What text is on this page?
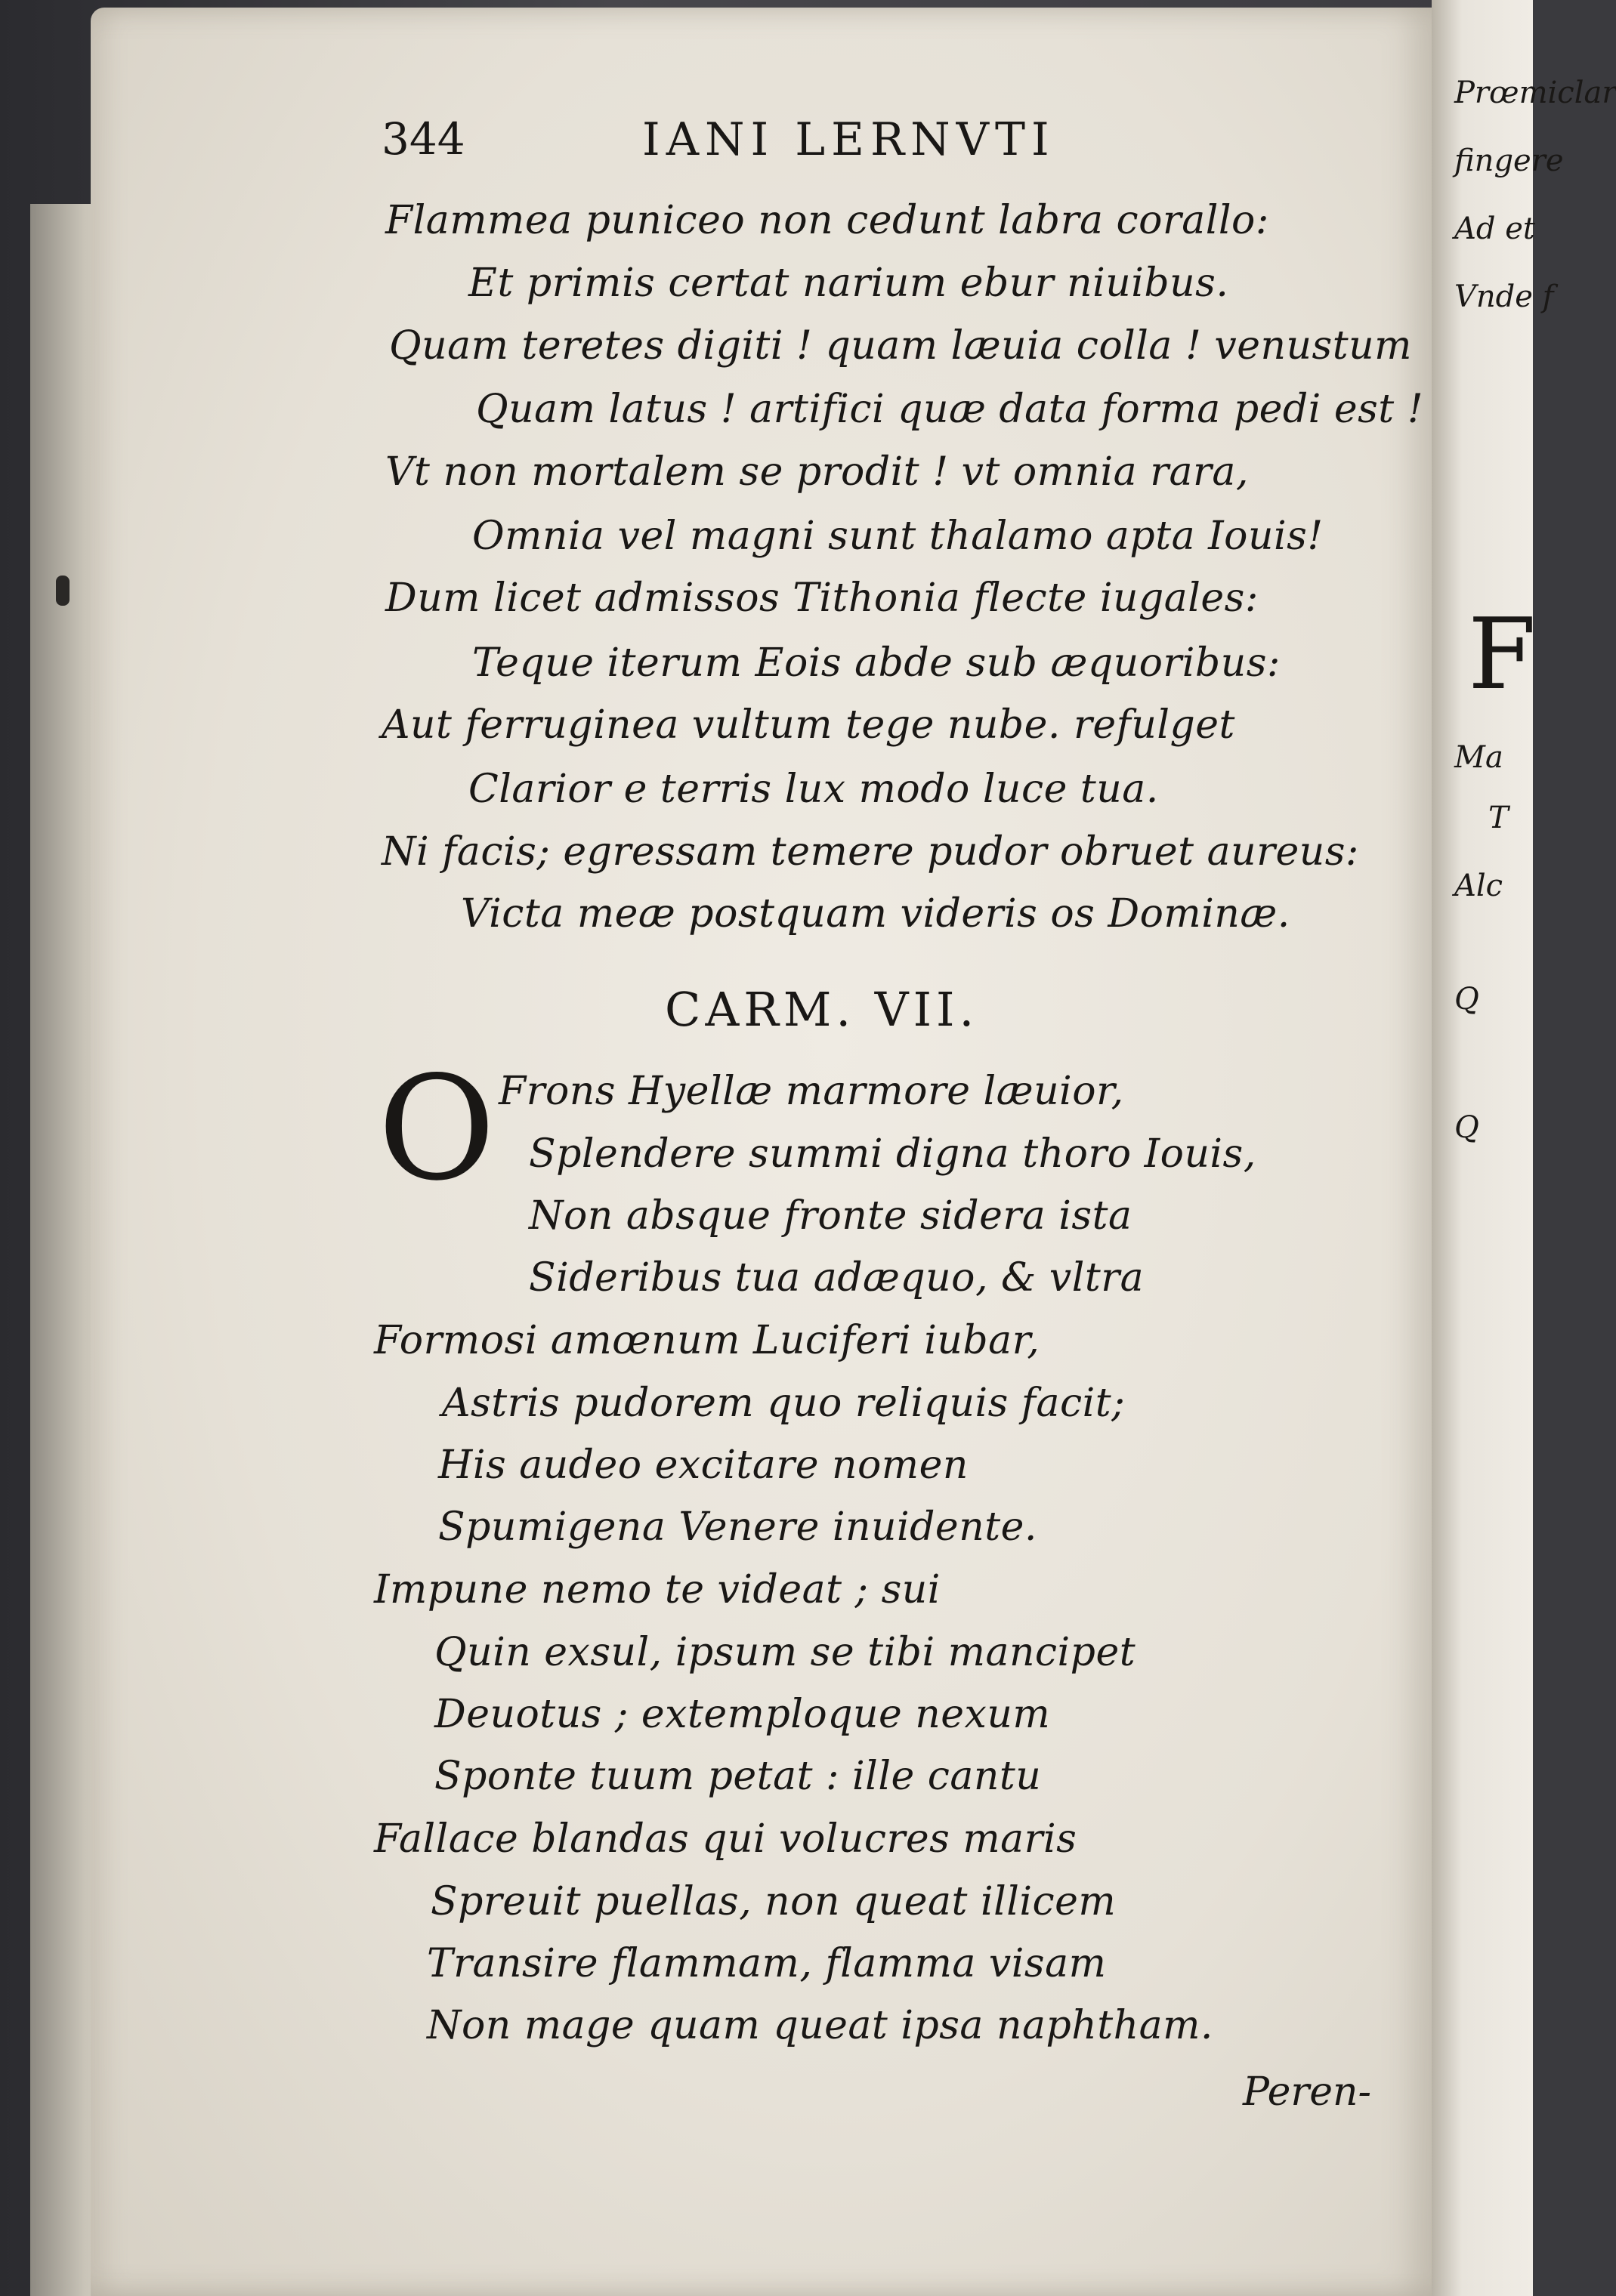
344	IANI LERNVTI
Flammea puniceo non cedunt labra corallo:
Et primis certat narium ebur niuibus.
Quam teretes digiti ! quam læuia colla ! venustum
Quam latus ! artifici quæ data forma pedi est !
Vt non mortalem se prodit ! vt omnia rara,
Omnia vel magni sunt thalamo apta Iouis!
Dum licet admissos Tithonia flecte iugales:
Teque iterum Eois abde sub æquoribus:
Aut ferruginea vultum tege nube. refulget
Clarior e terris lux modo luce tua.
Ni facis; egressam temere pudor obruet aureus:
Victa meæ postquam videris os Dominæ.
CARM. VII.
O Frons Hyellæ marmore læuior,
Splendere summi digna thoro Iouis,
Non absque fronte sidera ista
Sideribus tua adæquo, & vltra
Formosi amœnum Luciferi iubar,
Astris pudorem quo reliquis facit;
His audeo excitare nomen
Spumigena Venere inuidente.
Impune nemo te videat ; sui
Quin exsul, ipsum se tibi mancipet
Deuotus ; extemploque nexum
Sponte tuum petat : ille cantu
Fallace blandas qui volucres maris
Spreuit puellas, non queat illicem
Transire flammam, flamma visam
Non mage quam queat ipsa naphtham.
Peren-
Prœmiclar
fingere
Ad et
Vnde f
F
Ma
T
Alc
Q
Q
